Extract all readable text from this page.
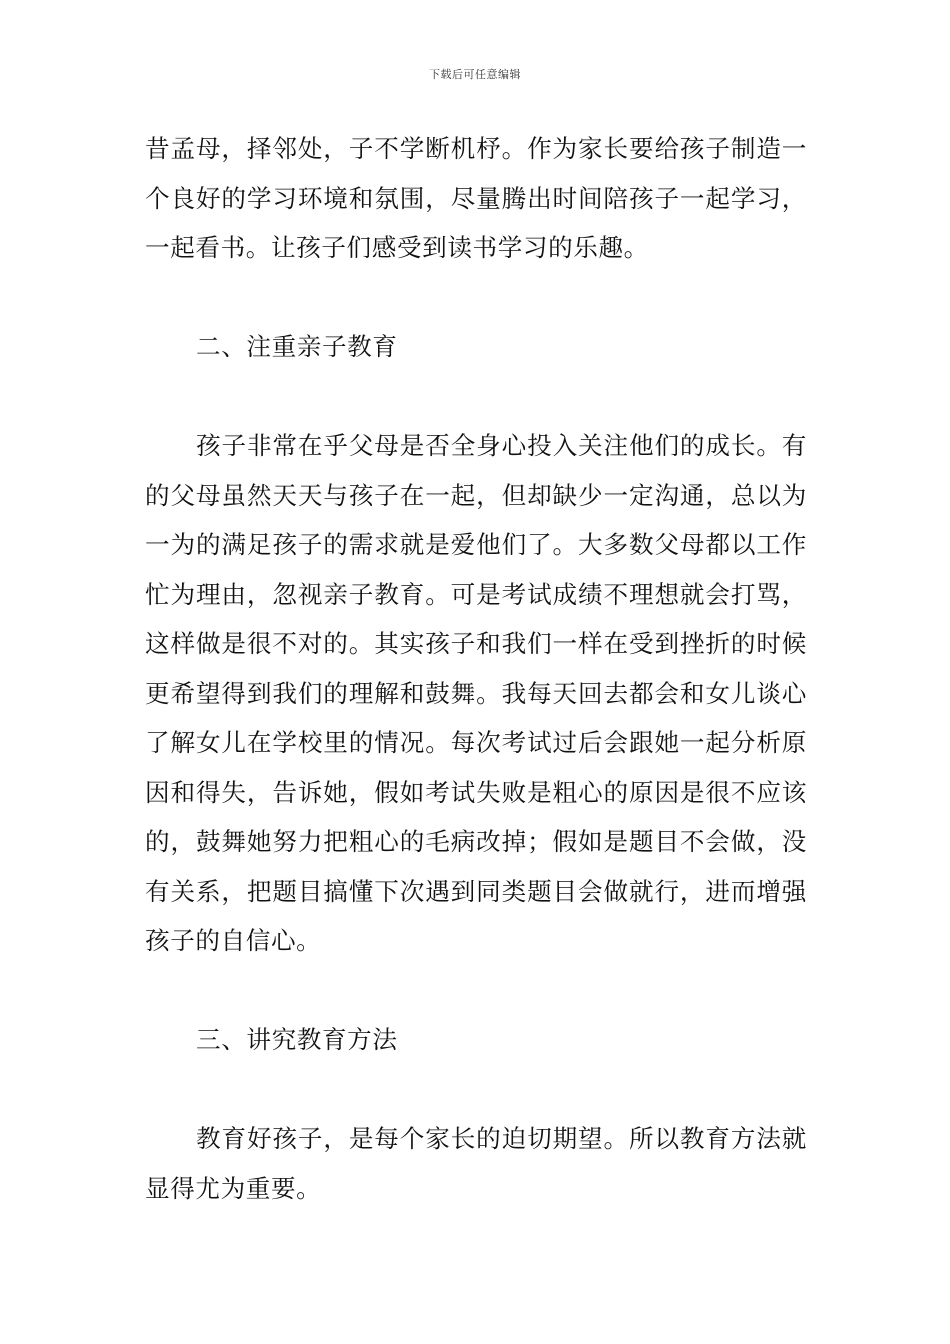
下载后可任意编辑

昔孟母，择邻处，子不学断机杼。作为家长要给孩子制造一个良好的学习环境和氛围，尽量腾出时间陪孩子一起学习，一起看书。让孩子们感受到读书学习的乐趣。

二、注重亲子教育

孩子非常在乎父母是否全身心投入关注他们的成长。有的父母虽然天天与孩子在一起，但却缺少一定沟通，总以为一为的满足孩子的需求就是爱他们了。大多数父母都以工作忙为理由，忽视亲子教育。可是考试成绩不理想就会打骂，这样做是很不对的。其实孩子和我们一样在受到挫折的时候更希望得到我们的理解和鼓舞。我每天回去都会和女儿谈心了解女儿在学校里的情况。每次考试过后会跟她一起分析原因和得失，告诉她，假如考试失败是粗心的原因是很不应该的，鼓舞她努力把粗心的毛病改掉；假如是题目不会做，没有关系，把题目搞懂下次遇到同类题目会做就行，进而增强孩子的自信心。

三、讲究教育方法

教育好孩子，是每个家长的迫切期望。所以教育方法就显得尤为重要。
